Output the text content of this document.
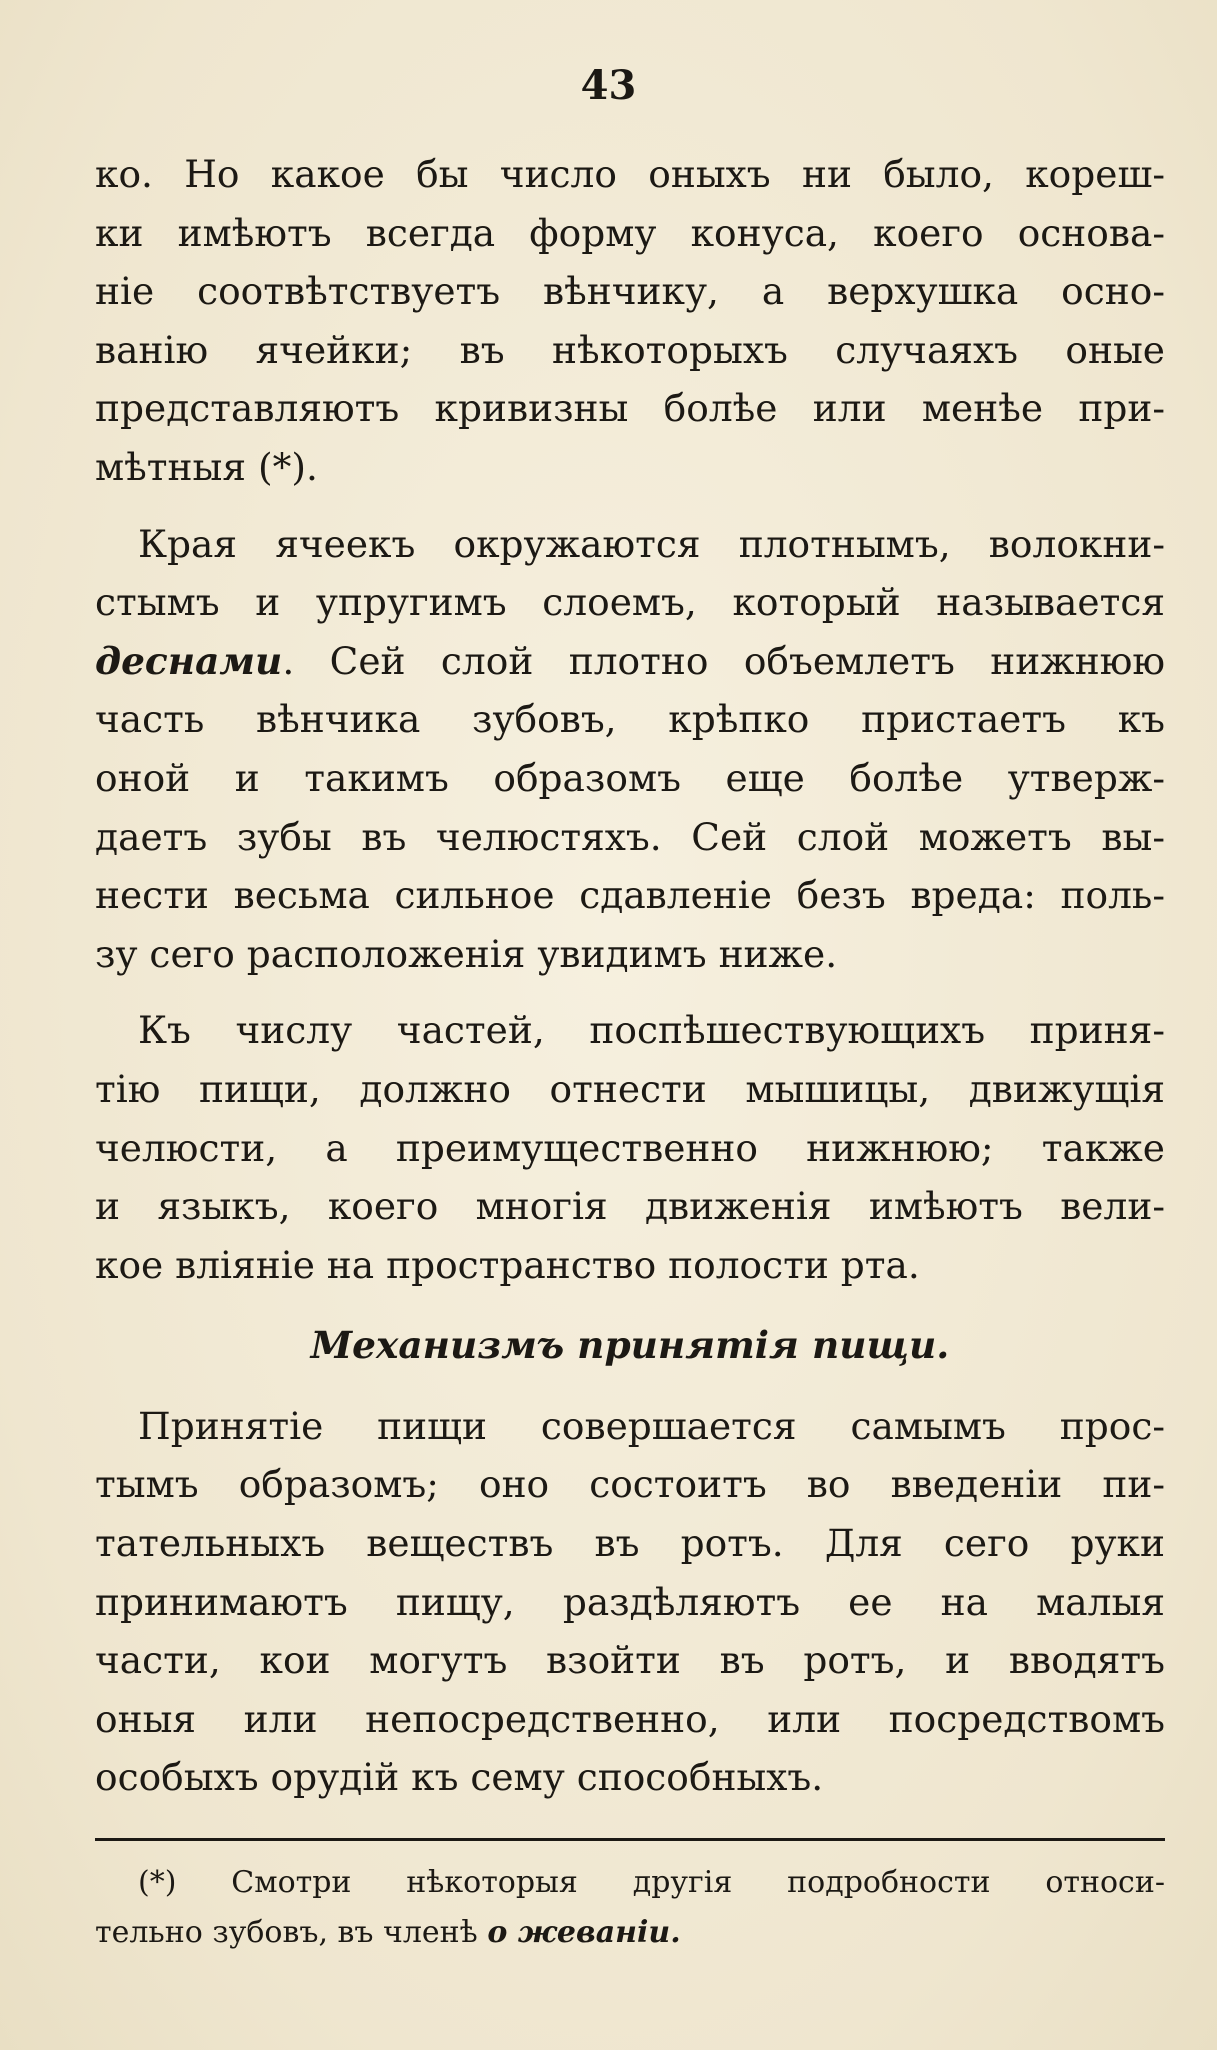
43
ко. Но какое бы число оныхъ ни было, кореш-
ки имѣютъ всегда форму конуса, коего основа-
нiе соотвѣтствуетъ вѣнчику, а верхушка осно-
ванiю ячейки; въ нѣкоторыхъ случаяхъ оные
представляютъ кривизны болѣе или менѣе при-
мѣтныя (*).
Края ячеекъ окружаются плотнымъ, волокни-
стымъ и упругимъ слоемъ, который называется
деснами. Сей слой плотно объемлетъ нижнюю
часть вѣнчика зубовъ, крѣпко пристаетъ къ
оной и такимъ образомъ еще болѣе утверж-
даетъ зубы въ челюстяхъ. Сей слой можетъ вы-
нести весьма сильное сдавленiе безъ вреда: поль-
зу сего расположенiя увидимъ ниже.
Къ числу частей, поспѣшествующихъ приня-
тiю пищи, должно отнести мышицы, движущiя
челюсти, а преимущественно нижнюю; также
и языкъ, коего многiя движенiя имѣютъ вели-
кое влiянiе на пространство полости рта.
Механизмъ принятiя пищи.
Принятiе пищи совершается самымъ прос-
тымъ образомъ; оно состоитъ во введенiи пи-
тательныхъ веществъ въ ротъ. Для сего руки
принимаютъ пищу, раздѣляютъ ее на малыя
части, кои могутъ взойти въ ротъ, и вводятъ
оныя или непосредственно, или посредствомъ
особыхъ орудiй къ сему способныхъ.
(*) Смотри нѣкоторыя другiя подробности относи-
тельно зубовъ, въ членѣ о жеванiи.
